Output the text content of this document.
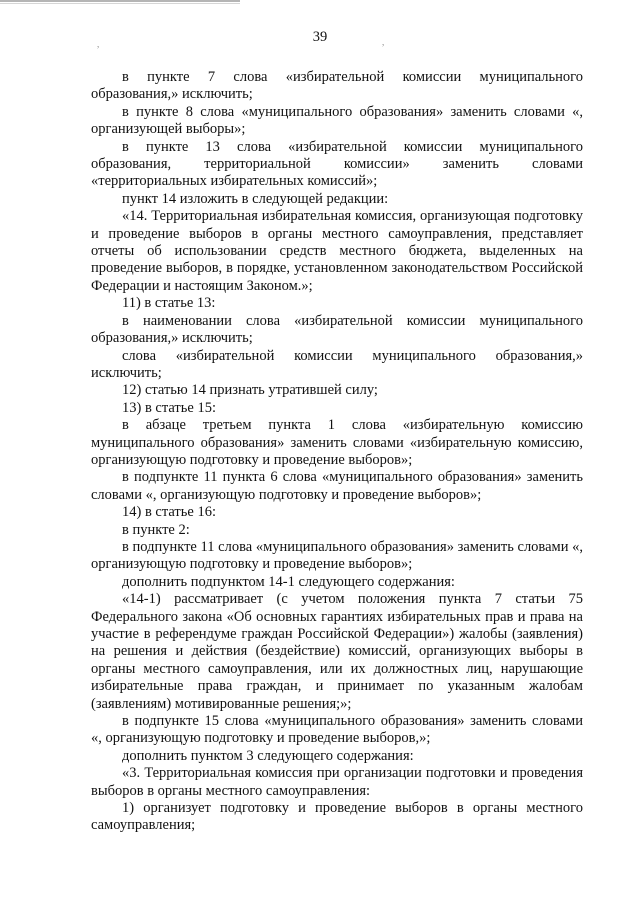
,	,
39

в пункте 7 слова «избирательной комиссии муниципального образования,» исключить;

в пункте 8 слова «муниципального образования» заменить словами «, организующей выборы»;

в пункте 13 слова «избирательной комиссии муниципального образования, территориальной комиссии» заменить словами «территориальных избирательных комиссий»;

пункт 14 изложить в следующей редакции:

«14. Территориальная избирательная комиссия, организующая подготовку и проведение выборов в органы местного самоуправления, представляет отчеты об использовании средств местного бюджета, выделенных на проведение выборов, в порядке, установленном законодательством Российской Федерации и настоящим Законом.»;

11) в статье 13:

в наименовании слова «избирательной комиссии муниципального образования,» исключить;

слова «избирательной комиссии муниципального образования,» исключить;

12) статью 14 признать утратившей силу;

13) в статье 15:

в абзаце третьем пункта 1 слова «избирательную комиссию муниципального образования» заменить словами «избирательную комиссию, организующую подготовку и проведение выборов»;

в подпункте 11 пункта 6 слова «муниципального образования» заменить словами «, организующую подготовку и проведение выборов»;

14) в статье 16:

в пункте 2:

в подпункте 11 слова «муниципального образования» заменить словами «, организующую подготовку и проведение выборов»;

дополнить подпунктом 14-1 следующего содержания:

«14-1) рассматривает (с учетом положения пункта 7 статьи 75 Федерального закона «Об основных гарантиях избирательных прав и права на участие в референдуме граждан Российской Федерации») жалобы (заявления) на решения и действия (бездействие) комиссий, организующих выборы в органы местного самоуправления, или их должностных лиц, нарушающие избирательные права граждан, и принимает по указанным жалобам (заявлениям) мотивированные решения;»;

в подпункте 15 слова «муниципального образования» заменить словами «, организующую подготовку и проведение выборов,»;

дополнить пунктом 3 следующего содержания:

«3. Территориальная комиссия при организации подготовки и проведения выборов в органы местного самоуправления:

1) организует подготовку и проведение выборов в органы местного самоуправления;
